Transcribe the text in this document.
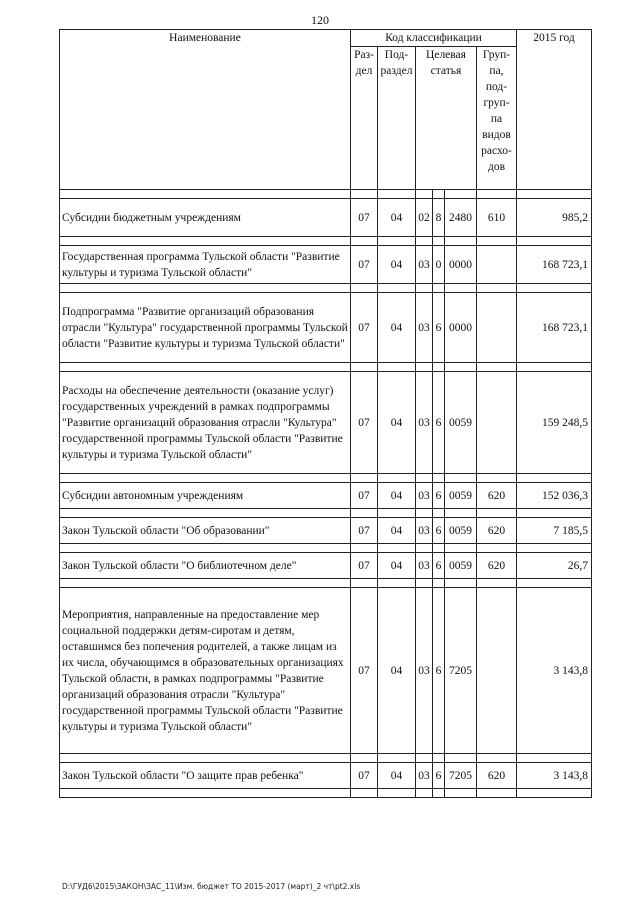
120
Наименование	Код классификации						2015 год
	Раз-дел	Под-раздел	Целевая статья			Груп-па, под-груп-па видов расхо-дов	

Субсидии бюджетным учреждениям	07	04	02	8	2480	610	985,2

Государственная программа Тульской области "Развитие культуры и туризма Тульской области"	07	04	03	0	0000		168 723,1

Подпрограмма "Развитие организаций образования отрасли "Культура" государственной программы Тульской области "Развитие культуры и туризма Тульской области"	07	04	03	6	0000		168 723,1

Расходы на обеспечение деятельности (оказание услуг) государственных учреждений в рамках подпрограммы "Развитие организаций образования отрасли "Культура" государственной программы Тульской области "Развитие культуры и туризма Тульской области"	07	04	03	6	0059		159 248,5

Субсидии автономным учреждениям	07	04	03	6	0059	620	152 036,3

Закон Тульской области "Об образовании"	07	04	03	6	0059	620	7 185,5

Закон Тульской области "О библиотечном деле"	07	04	03	6	0059	620	26,7

Мероприятия, направленные на предоставление мер социальной поддержки детям-сиротам и детям, оставшимся без попечения родителей, а также лицам из их числа, обучающимся в образовательных организациях Тульской области, в рамках подпрограммы "Развитие организаций образования отрасли "Культура" государственной программы Тульской области "Развитие культуры и туризма Тульской области"	07	04	03	6	7205		3 143,8

Закон Тульской области "О защите прав ребенка"	07	04	03	6	7205	620	3 143,8

D:\ГУД6\2015\ЗАКОН\ЗАС_11\Изм. бюджет ТО 2015-2017 (март)_2 чт\pt2.xls
